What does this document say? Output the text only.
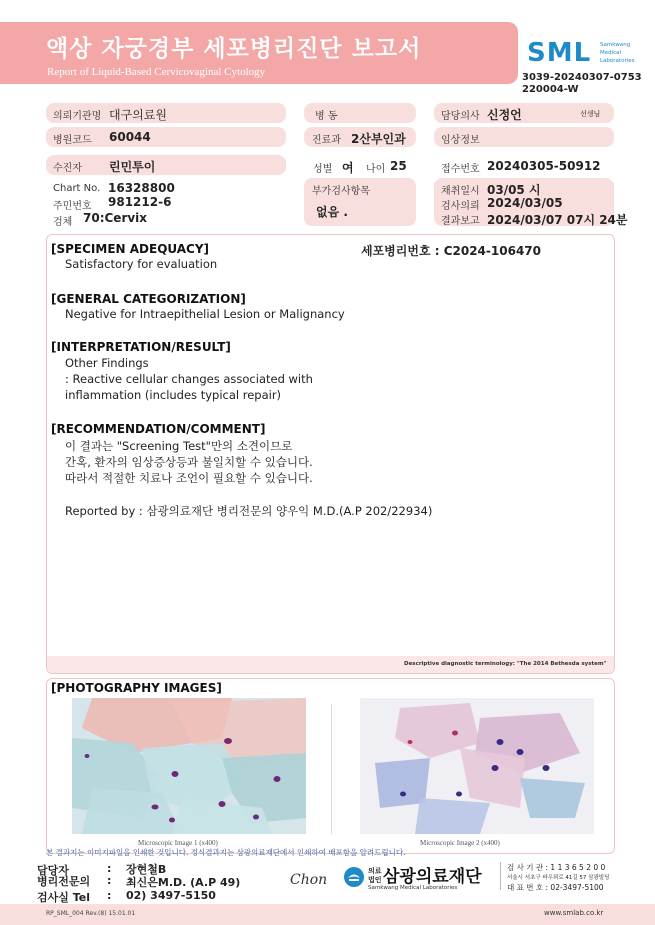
액상 자궁경부 세포병리진단 보고서
Report of Liquid-Based Cervicovaginal Cytology
SML Samkwang
Medical
Laboratories
3039-20240307-0753
220004-W
의뢰기관명 대구의료원	병 동	담당의사 신정언	선생님
병원코드 60044	진료과 2산부인과	임상정보
수진자 린민투이	성별 여 나이 25	접수번호 20240305-50912
Chart No. 16328800
주민번호 981212-6
검체 70:Cervix
부가검사항목
없음 .
채취일시 03/05 시
검사의뢰 2024/03/05
결과보고 2024/03/07 07시 24분
[SPECIMEN ADEQUACY]
Satisfactory for evaluation
세포병리번호 : C2024-106470
[GENERAL CATEGORIZATION]
Negative for Intraepithelial Lesion or Malignancy
[INTERPRETATION/RESULT]
Other Findings
: Reactive cellular changes associated with
inflammation (includes typical repair)
[RECOMMENDATION/COMMENT]
이 결과는 "Screening Test"만의 소견이므로
간혹, 환자의 임상증상등과 불일치할 수 있습니다.
따라서 적절한 치료나 조언이 필요할 수 있습니다.
Reported by : 삼광의료재단 병리전문의 양우익 M.D.(A.P 202/22934)
Descriptive diagnostic terminology: "The 2014 Bethesda system"
[PHOTOGRAPHY IMAGES]
Microscopic Image 1 (x400)	Microscopic Image 2 (x400)
본 결과지는 이미지파일을 인쇄한 것입니다. 정식결과지는 삼광의료재단에서 인쇄하여 배포함을 알려드립니다.
담당자	: 장현철B
병리전문의 : 최신은M.D. (A.P 49)
검사실 Tel : 02) 3497-5150
Chon
의료
법인 삼광의료재단
Samkwang Medical Laboratories
검 사 기 관 : 1 1 3 6 5 2 0 0
서울시 서초구 바우뫼로 41길 57 삼광빌딩
대 표 번 호 : 02-3497-5100
RP_SML_004 Rev.(8) 15.01.01	www.smlab.co.kr
